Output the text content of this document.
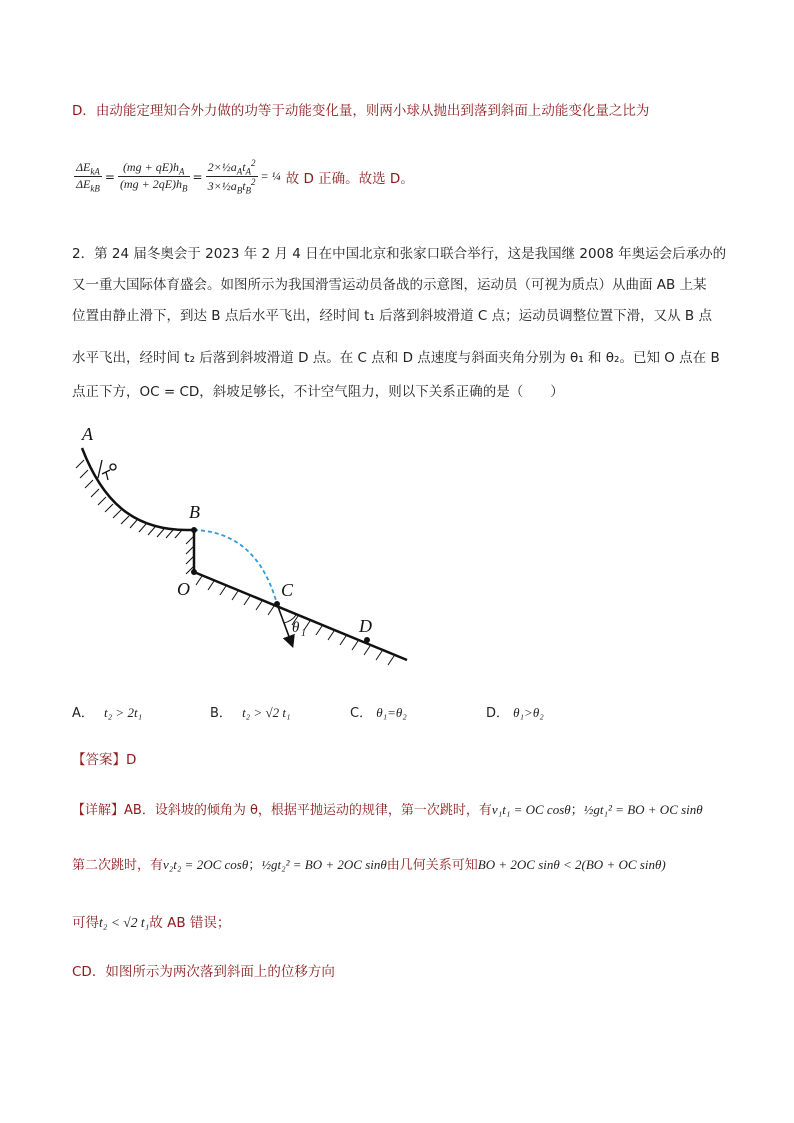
D．由动能定理知合外力做的功等于动能变化量，则两小球从抛出到落到斜面上动能变化量之比为
$\frac{\Delta E_{kA}}{\Delta E_{kB}} = \frac{(mg + qE)h_A}{(mg + 2qE)h_B} = \frac{2\times\frac{1}{2}a_At_A^2}{3\times\frac{1}{2}a_Bt_B^2}$ = ¼ 故 D 正确。故选 D。
2．第 24 届冬奥会于 2023 年 2 月 4 日在中国北京和张家口联合举行，这是我国继 2008 年奥运会后承办的
又一重大国际体育盛会。如图所示为我国滑雪运动员备战的示意图，运动员（可视为质点）从曲面 AB 上某
位置由静止滑下，到达 B 点后水平飞出，经时间 t₁ 后落到斜坡滑道 C 点；运动员调整位置下滑，又从 B 点
水平飞出，经时间 t₂ 后落到斜坡滑道 D 点。在 C 点和 D 点速度与斜面夹角分别为 θ₁ 和 θ₂。已知 O 点在 B
点正下方，OC = CD，斜坡足够长，不计空气阻力，则以下关系正确的是（　　）
A
B
O	C
D
θ 1
A． t₂ > 2t₁	B． t₂ > √2 t₁	C． θ₁=θ₂	D． θ₁>θ₂
【答案】D
【详解】AB．设斜坡的倾角为 θ，根据平抛运动的规律，第一次跳时，有v₁t₁ = OC cosθ；½gt₁² = BO + OC sinθ
第二次跳时，有v₂t₂ = 2OC cosθ；½gt₂² = BO + 2OC sinθ由几何关系可知BO + 2OC sinθ < 2(BO + OC sinθ)
可得t₂ < √2 t₁故 AB 错误；
CD．如图所示为两次落到斜面上的位移方向
